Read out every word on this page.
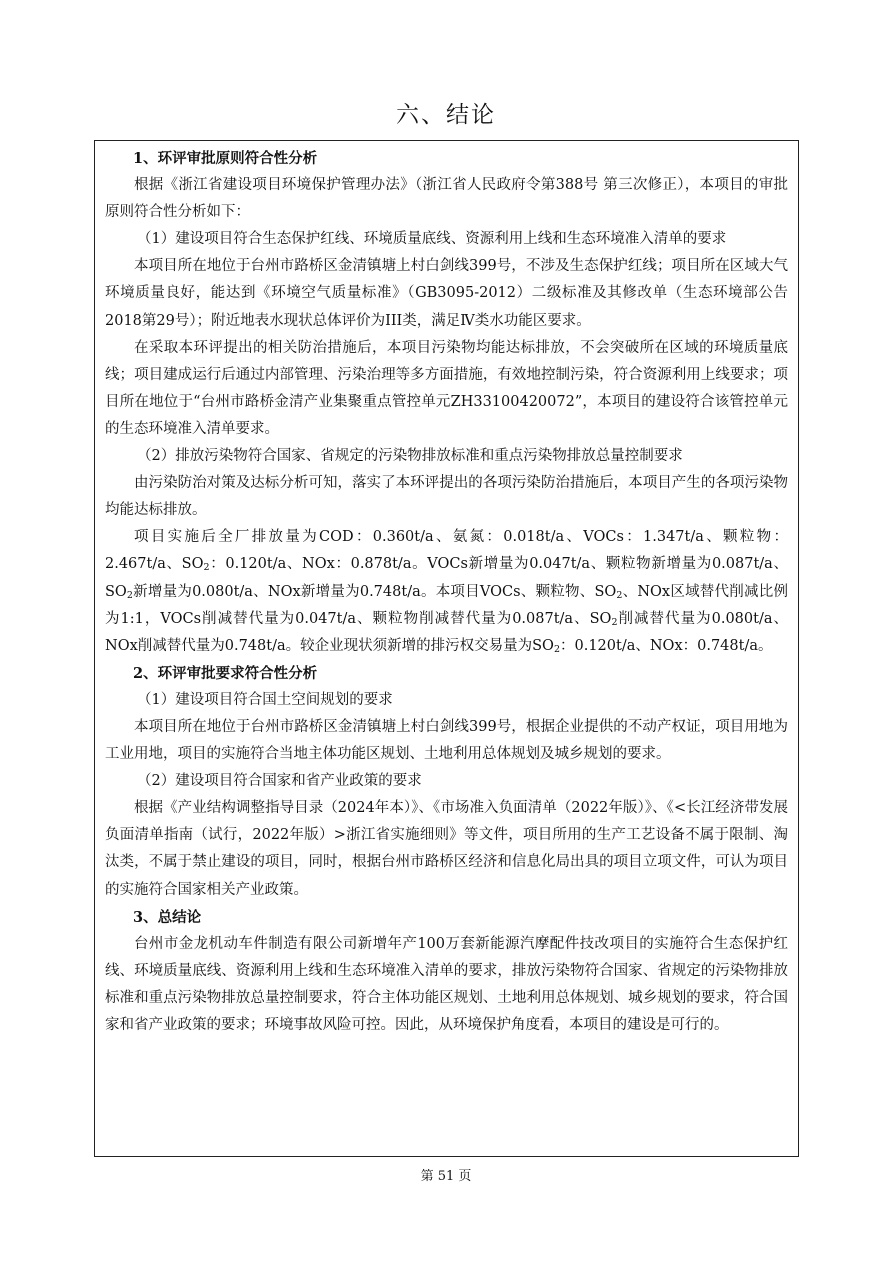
六、结论

1、环评审批原则符合性分析

根据《浙江省建设项目环境保护管理办法》（浙江省人民政府令第388号 第三次修正），本项目的审批原则符合性分析如下：

（1）建设项目符合生态保护红线、环境质量底线、资源利用上线和生态环境准入清单的要求

本项目所在地位于台州市路桥区金清镇塘上村白剑线399号，不涉及生态保护红线；项目所在区域大气环境质量良好，能达到《环境空气质量标准》（GB3095-2012）二级标准及其修改单（生态环境部公告2018第29号）；附近地表水现状总体评价为III类，满足Ⅳ类水功能区要求。

在采取本环评提出的相关防治措施后，本项目污染物均能达标排放，不会突破所在区域的环境质量底线；项目建成运行后通过内部管理、污染治理等多方面措施，有效地控制污染，符合资源利用上线要求；项目所在地位于“台州市路桥金清产业集聚重点管控单元ZH33100420072”，本项目的建设符合该管控单元的生态环境准入清单要求。

（2）排放污染物符合国家、省规定的污染物排放标准和重点污染物排放总量控制要求

由污染防治对策及达标分析可知，落实了本环评提出的各项污染防治措施后，本项目产生的各项污染物均能达标排放。

项目实施后全厂排放量为COD：0.360t/a、氨氮：0.018t/a、VOCs：1.347t/a、颗粒物：2.467t/a、$SO_2$：0.120t/a、NOx：0.878t/a。VOCs新增量为0.047t/a、颗粒物新增量为0.087t/a、$SO_2$新增量为0.080t/a、NOx新增量为0.748t/a。本项目VOCs、颗粒物、$SO_2$、NOx区域替代削减比例为1:1，VOCs削减替代量为0.047t/a、颗粒物削减替代量为0.087t/a、$SO_2$削减替代量为0.080t/a、NOx削减替代量为0.748t/a。较企业现状须新增的排污权交易量为$SO_2$：0.120t/a、NOx：0.748t/a。

2、环评审批要求符合性分析

（1）建设项目符合国土空间规划的要求

本项目所在地位于台州市路桥区金清镇塘上村白剑线399号，根据企业提供的不动产权证，项目用地为工业用地，项目的实施符合当地主体功能区规划、土地利用总体规划及城乡规划的要求。

（2）建设项目符合国家和省产业政策的要求

根据《产业结构调整指导目录（2024年本）》、《市场准入负面清单（2022年版）》、《<长江经济带发展负面清单指南（试行，2022年版）>浙江省实施细则》等文件，项目所用的生产工艺设备不属于限制、淘汰类，不属于禁止建设的项目，同时，根据台州市路桥区经济和信息化局出具的项目立项文件，可认为项目的实施符合国家相关产业政策。

3、总结论

台州市金龙机动车件制造有限公司新增年产100万套新能源汽摩配件技改项目的实施符合生态保护红线、环境质量底线、资源利用上线和生态环境准入清单的要求，排放污染物符合国家、省规定的污染物排放标准和重点污染物排放总量控制要求，符合主体功能区规划、土地利用总体规划、城乡规划的要求，符合国家和省产业政策的要求；环境事故风险可控。因此，从环境保护角度看，本项目的建设是可行的。

第 51 页
